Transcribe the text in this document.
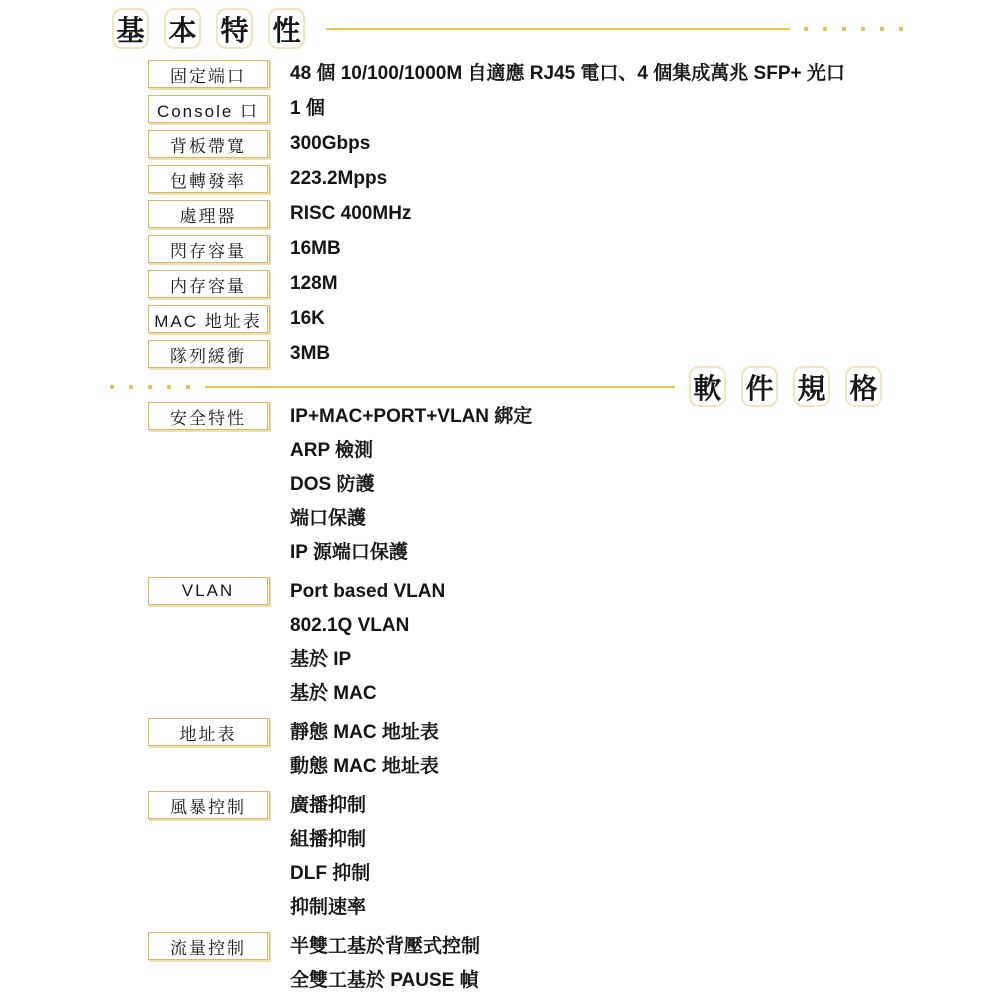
基 本 特 性
固定端口 48 個 10/100/1000M 自適應 RJ45 電口、4 個集成萬兆 SFP+ 光口
Console 口 1 個
背板帶寬 300Gbps
包轉發率 223.2Mpps
處理器	RISC 400MHz
閃存容量 16MB
内存容量 128M
MAC 地址表 16K
隊列緩衝 3MB
軟 件 規 格
安全特性 IP+MAC+PORT+VLAN 綁定
ARP 檢測
DOS 防護
端口保護
IP 源端口保護
VLAN	Port based VLAN
802.1Q VLAN
基於 IP
基於 MAC
地址表	靜態 MAC 地址表
動態 MAC 地址表
風暴控制 廣播抑制
組播抑制
DLF 抑制
抑制速率
流量控制 半雙工基於背壓式控制
全雙工基於 PAUSE 幀
